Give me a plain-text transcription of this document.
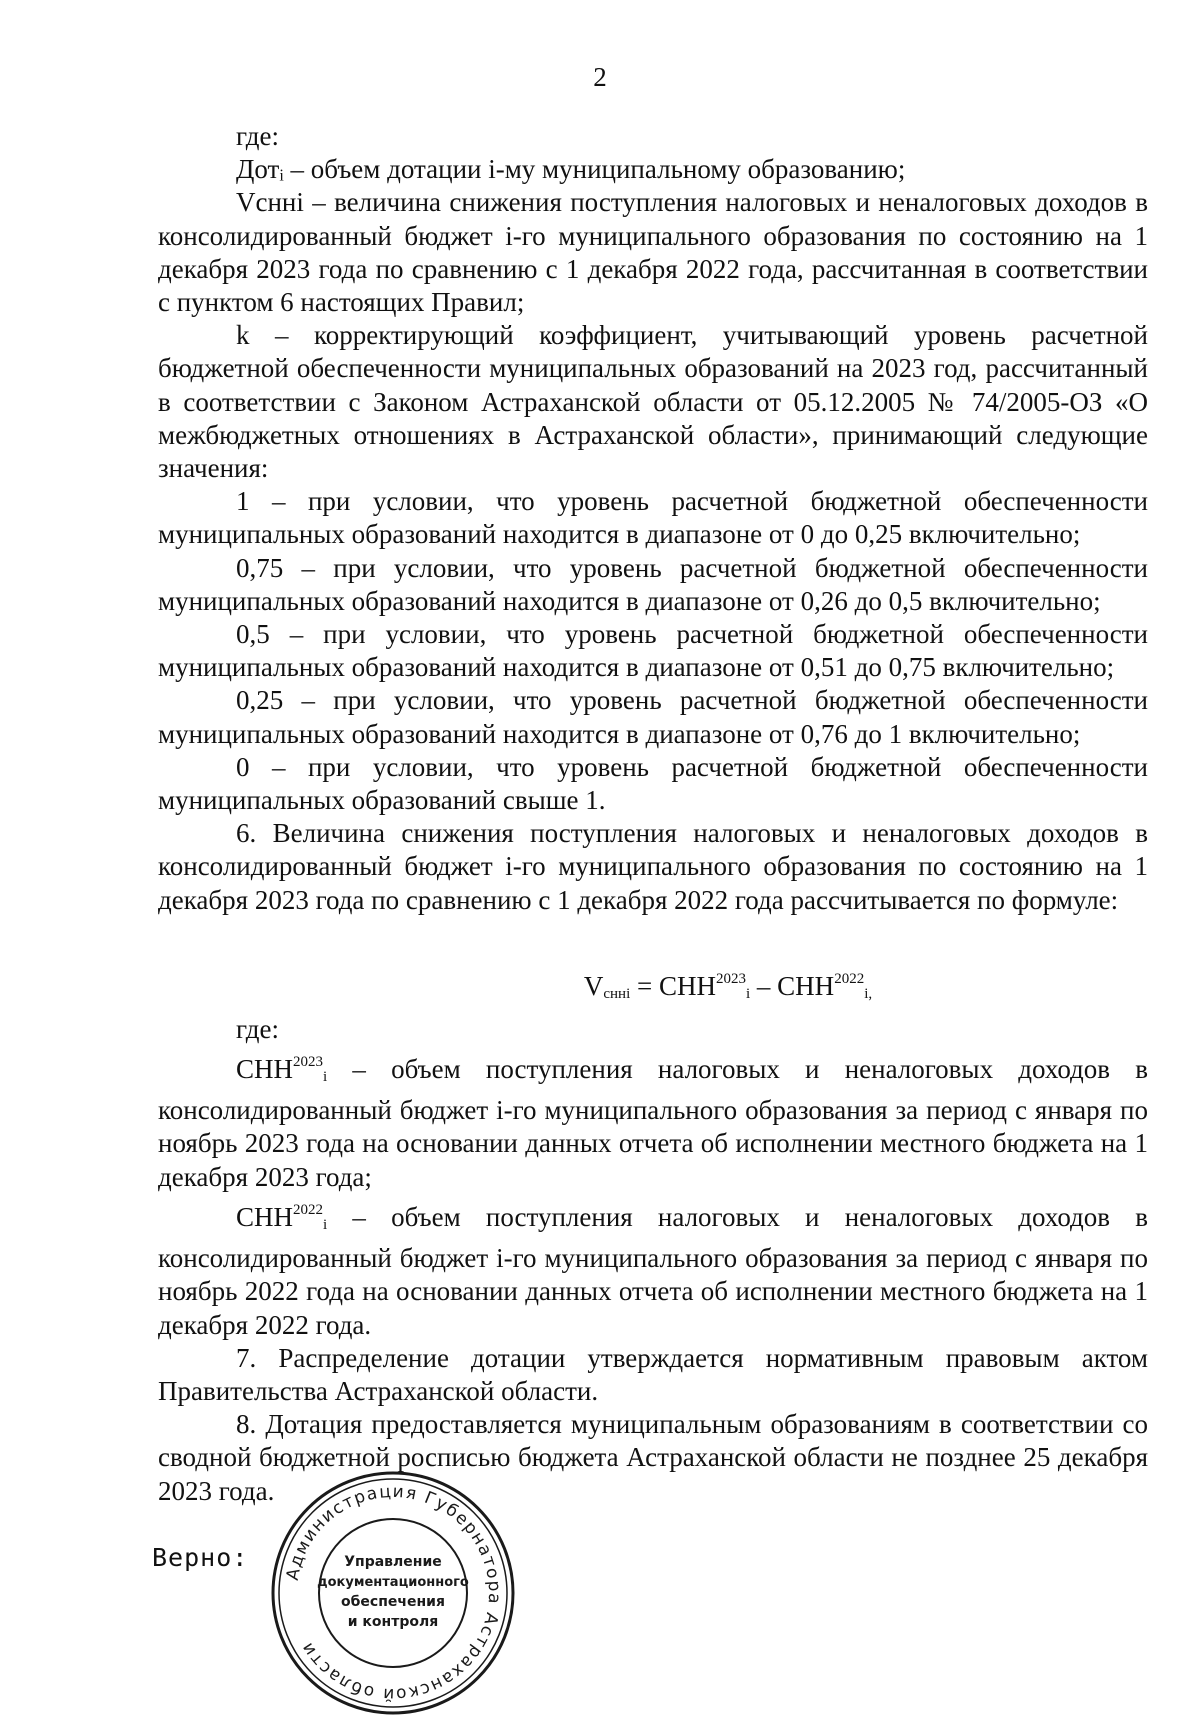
2

где:

Дотᵢ – объем дотации i-му муниципальному образованию;

Vснні – величина снижения поступления налоговых и неналоговых доходов в консолидированный бюджет i-го муниципального образования по состоянию на 1 декабря 2023 года по сравнению с 1 декабря 2022 года, рассчитанная в соответствии с пунктом 6 настоящих Правил;

k – корректирующий коэффициент, учитывающий уровень расчетной бюджетной обеспеченности муниципальных образований на 2023 год, рассчитанный в соответствии с Законом Астраханской области от 05.12.2005 № 74/2005-ОЗ «О межбюджетных отношениях в Астраханской области», принимающий следующие значения:

1 – при условии, что уровень расчетной бюджетной обеспеченности муниципальных образований находится в диапазоне от 0 до 0,25 включительно;

0,75 – при условии, что уровень расчетной бюджетной обеспеченности муниципальных образований находится в диапазоне от 0,26 до 0,5 включительно;

0,5 – при условии, что уровень расчетной бюджетной обеспеченности муниципальных образований находится в диапазоне от 0,51 до 0,75 включительно;

0,25 – при условии, что уровень расчетной бюджетной обеспеченности муниципальных образований находится в диапазоне от 0,76 до 1 включительно;

0 – при условии, что уровень расчетной бюджетной обеспеченности муниципальных образований свыше 1.

6. Величина снижения поступления налоговых и неналоговых доходов в консолидированный бюджет i-го муниципального образования по состоянию на 1 декабря 2023 года по сравнению с 1 декабря 2022 года рассчитывается по формуле:

$V_{снні} = СНН^{2023}_i - СНН^{2022}_{i,}$

где:

$СНН^{2023}_i$ – объем поступления налоговых и неналоговых доходов в консолидированный бюджет i-го муниципального образования за период с января по ноябрь 2023 года на основании данных отчета об исполнении местного бюджета на 1 декабря 2023 года;

$СНН^{2022}_i$ – объем поступления налоговых и неналоговых доходов в консолидированный бюджет i-го муниципального образования за период с января по ноябрь 2022 года на основании данных отчета об исполнении местного бюджета на 1 декабря 2022 года.

7. Распределение дотации утверждается нормативным правовым актом Правительства Астраханской области.

8. Дотация предоставляется муниципальным образованиям в соответствии со сводной бюджетной росписью бюджета Астраханской области не позднее 25 декабря 2023 года.

Верно:
Администрация Губернатора Астраханской области
Управление
документационного
обеспечения
и контроля
